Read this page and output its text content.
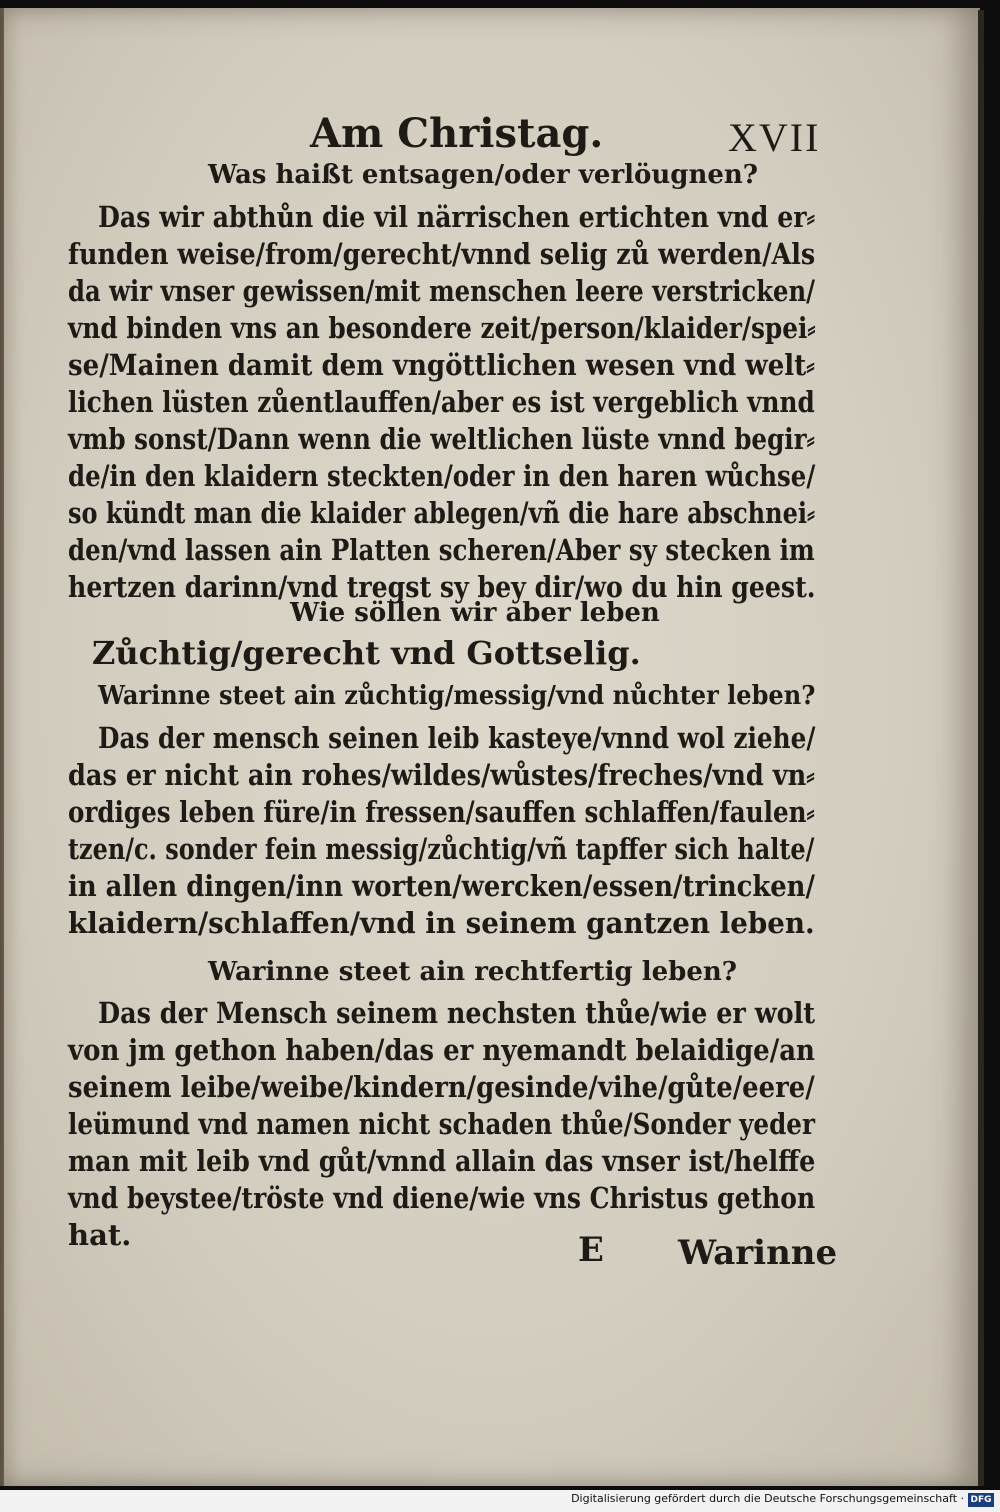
Am Christag.	XVII
Was haißt entsagen/oder verlöugnen?
Das wir abthůn die vil närrischen ertichten vnd er⸗
funden weise/from/gerecht/vnnd selig zů werden/Als
da wir vnser gewissen/mit menschen leere verstricken/
vnd binden vns an besondere zeit/person/klaider/spei⸗
se/Mainen damit dem vngöttlichen wesen vnd welt⸗
lichen lüsten zůentlauffen/aber es ist vergeblich vnnd
vmb sonst/Dann wenn die weltlichen lüste vnnd begir⸗
de/in den klaidern steckten/oder in den haren wůchse/
so kündt man die klaider ablegen/vñ die hare abschnei⸗
den/vnd lassen ain Platten scheren/Aber sy stecken im
hertzen darinn/vnd tregst sy bey dir/wo du hin geest.
Wie söllen wir aber leben
Zůchtig/gerecht vnd Gottselig.
Warinne steet ain zůchtig/messig/vnd nůchter leben?
Das der mensch seinen leib kasteye/vnnd wol ziehe/
das er nicht ain rohes/wildes/wůstes/freches/vnd vn⸗
ordiges leben füre/in fressen/sauffen schlaffen/faulen⸗
tzen/c. sonder fein messig/zůchtig/vñ tapffer sich halte/
in allen dingen/inn worten/wercken/essen/trincken/
klaidern/schlaffen/vnd in seinem gantzen leben.
Warinne steet ain rechtfertig leben?
Das der Mensch seinem nechsten thůe/wie er wolt
von jm gethon haben/das er nyemandt belaidige/an
seinem leibe/weibe/kindern/gesinde/vihe/gůte/eere/
leümund vnd namen nicht schaden thůe/Sonder yeder
man mit leib vnd gůt/vnnd allain das vnser ist/helffe
vnd beystee/tröste vnd diene/wie vns Christus gethon
hat.	E Warinne
Digitalisierung gefördert durch die Deutsche Forschungsgemeinschaft · DFG
